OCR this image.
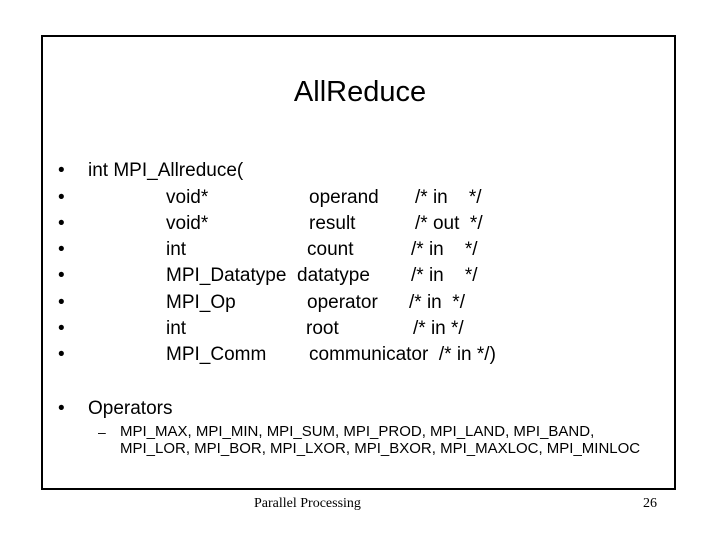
AllReduce
•
•
•
•
•
•
•
•
int MPI_Allreduce(
void*	operand /* in    */
void*	result	/* out  */
int	count	/* in    */
MPI_Datatype datatype /* in    */
MPI_Op	operator /* in  */
int	root	/* in */
MPI_Comm communicator  /* in */)
• Operators
– MPI_MAX, MPI_MIN, MPI_SUM, MPI_PROD, MPI_LAND, MPI_BAND, MPI_LOR, MPI_BOR, MPI_LXOR, MPI_BXOR, MPI_MAXLOC, MPI_MINLOC
Parallel Processing	26
